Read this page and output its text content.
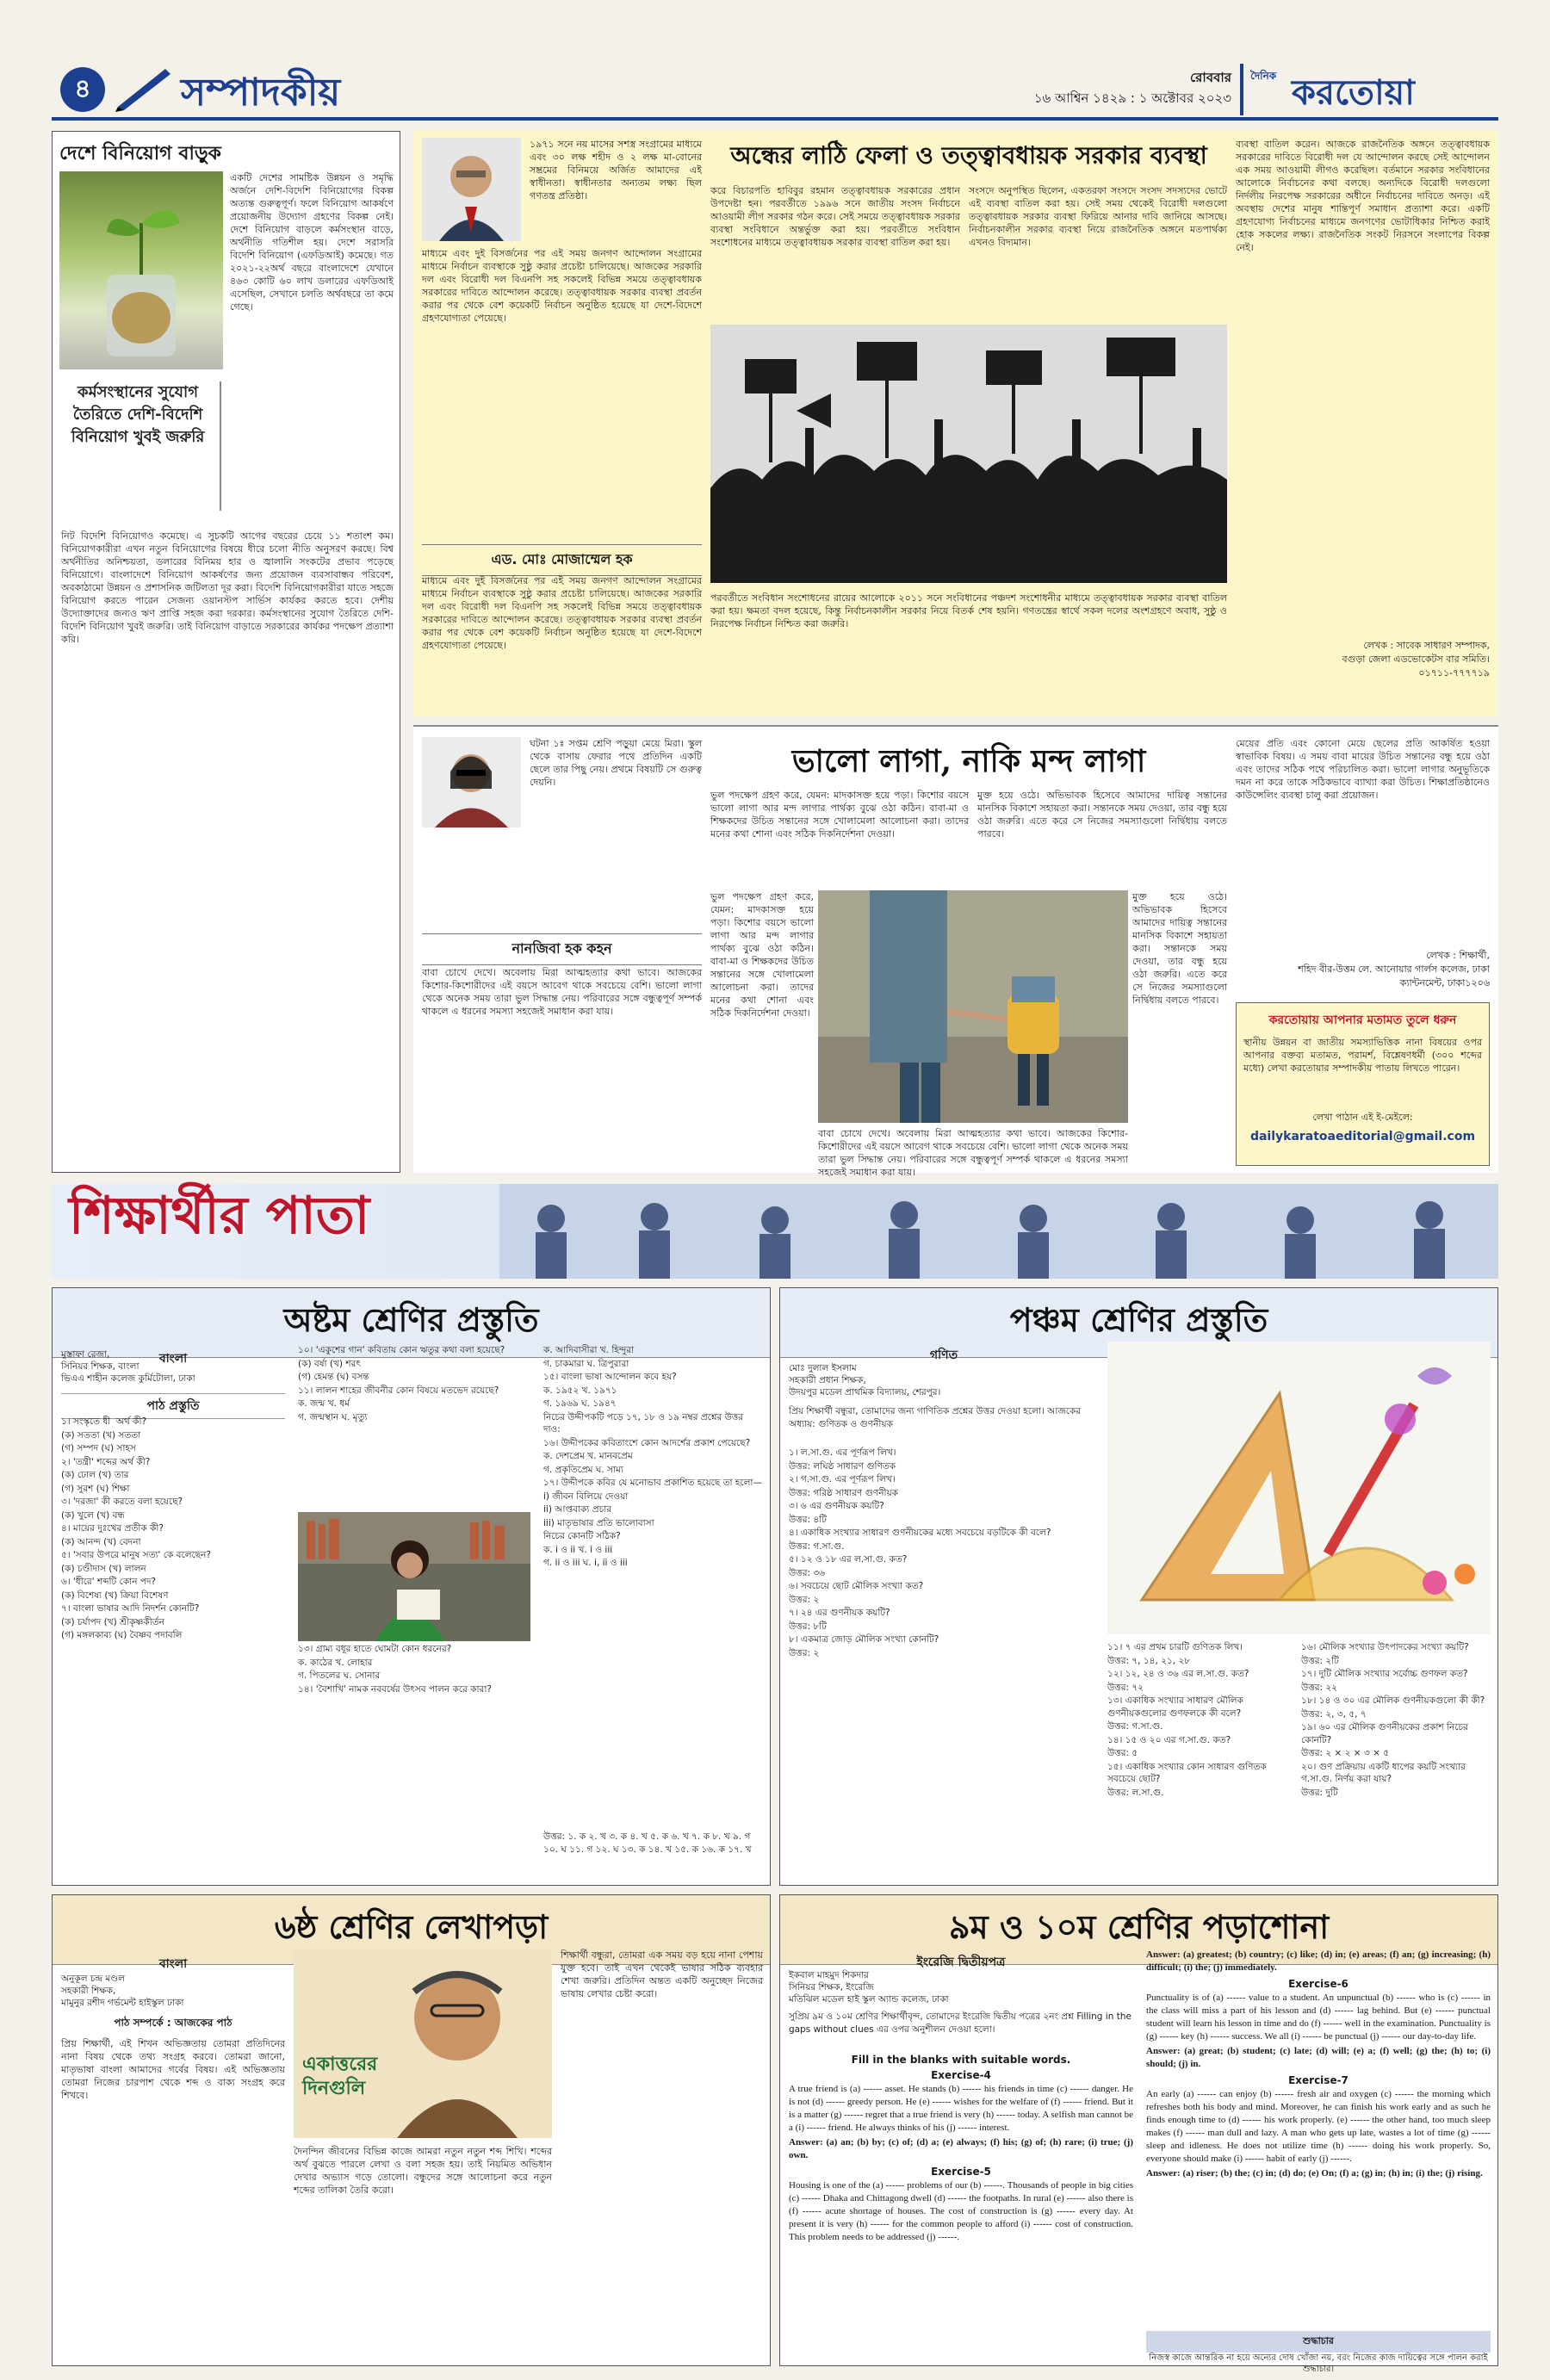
৪	সম্পাদকীয়	রোববার
১৬ আশ্বিন ১৪২৯ : ১ অক্টোবর ২০২৩
দৈনিক করতোয়া
দেশে বিনিয়োগ বাড়ুক
একটি দেশের সামষ্টিক উন্নয়ন ও সমৃদ্ধি অর্জনে দেশি-বিদেশি বিনিয়োগের বিকল্প অত্যন্ত গুরুত্বপূর্ণ। ফলে বিনিয়োগ আকর্ষণে প্রয়োজনীয় উদ্যোগ গ্রহণের বিকল্প নেই। দেশে বিনিয়োগ বাড়লে কর্মসংস্থান বাড়ে, অর্থনীতি গতিশীল হয়। দেশে সরাসরি বিদেশি বিনিয়োগ (এফডিআই) কমেছে। গত ২০২১-২২অর্থ বছরে বাংলাদেশে যেখানে ৪৬৩ কোটি ৬০ লাখ ডলারের এফডিআই এসেছিল, সেখানে চলতি অর্থবছরে তা কমে গেছে।
কর্মসংস্থানের সুযোগ তৈরিতে দেশি-বিদেশি বিনিয়োগ খুবই জরুরি
নিট বিদেশি বিনিয়োগও কমেছে। এ সুচকটি আগের বছরের চেয়ে ১১ শতাংশ কম। বিনিয়োগকারীরা এখন নতুন বিনিয়োগের বিষয়ে ধীরে চলো নীতি অনুসরণ করছে। বিশ্ব অর্থনীতির অনিশ্চয়তা, ডলারের বিনিময় হার ও জ্বালানি সংকটের প্রভাব পড়েছে বিনিয়োগে। বাংলাদেশে বিনিয়োগ আকর্ষণের জন্য প্রয়োজন ব্যবসাবান্ধব পরিবেশ, অবকাঠামো উন্নয়ন ও প্রশাসনিক জটিলতা দূর করা। বিদেশি বিনিয়োগকারীরা যাতে সহজে বিনিয়োগ করতে পারেন সেজন্য ওয়ানস্টপ সার্ভিস কার্যকর করতে হবে। দেশীয় উদ্যোক্তাদের জন্যও ঋণ প্রাপ্তি সহজ করা দরকার। কর্মসংস্থানের সুযোগ তৈরিতে দেশি-বিদেশি বিনিয়োগ খুবই জরুরি। তাই বিনিয়োগ বাড়াতে সরকারের কার্যকর পদক্ষেপ প্রত্যাশা করি।
১৯৭১ সনে নয় মাসের সশস্ত্র সংগ্রামের মাধ্যমে এবং ৩০ লক্ষ শহীদ ও ২ লক্ষ মা-বোনের সম্ভ্রমের বিনিময়ে অর্জিত আমাদের এই স্বাধীনতা। স্বাধীনতার অন্যতম লক্ষ্য ছিল গণতন্ত্র প্রতিষ্ঠা।
মাধ্যমে এবং দুই বিসর্জনের পর এই সময় জনগণ আন্দোলন সংগ্রামের মাধ্যমে নির্বাচন ব্যবস্থাকে সুষ্ঠু করার প্রচেষ্টা চালিয়েছে। আজকের সরকারি দল এবং বিরোধী দল বিএনপি সহ সকলেই বিভিন্ন সময়ে তত্ত্বাবধায়ক সরকারের দাবিতে আন্দোলন করেছে। তত্ত্বাবধায়ক সরকার ব্যবস্থা প্রবর্তন করার পর থেকে বেশ কয়েকটি নির্বাচন অনুষ্ঠিত হয়েছে যা দেশে-বিদেশে গ্রহণযোগ্যতা পেয়েছে।
এড. মোঃ মোজাম্মেল হক
মাধ্যমে এবং দুই বিসর্জনের পর এই সময় জনগণ আন্দোলন সংগ্রামের মাধ্যমে নির্বাচন ব্যবস্থাকে সুষ্ঠু করার প্রচেষ্টা চালিয়েছে। আজকের সরকারি দল এবং বিরোধী দল বিএনপি সহ সকলেই বিভিন্ন সময়ে তত্ত্বাবধায়ক সরকারের দাবিতে আন্দোলন করেছে। তত্ত্বাবধায়ক সরকার ব্যবস্থা প্রবর্তন করার পর থেকে বেশ কয়েকটি নির্বাচন অনুষ্ঠিত হয়েছে যা দেশে-বিদেশে গ্রহণযোগ্যতা পেয়েছে।
অন্ধের লাঠি ফেলা ও তত্ত্বাবধায়ক সরকার ব্যবস্থা
করে বিচারপতি হাবিবুর রহমান তত্ত্বাবধায়ক সরকারের প্রধান উপদেষ্টা হন। পরবর্তীতে ১৯৯৬ সনে জাতীয় সংসদ নির্বাচনে আওয়ামী লীগ সরকার গঠন করে। সেই সময়ে তত্ত্বাবধায়ক সরকার ব্যবস্থা সংবিধানে অন্তর্ভুক্ত করা হয়। পরবর্তীতে সংবিধান সংশোধনের মাধ্যমে তত্ত্বাবধায়ক সরকার ব্যবস্থা বাতিল করা হয়।
সংসদে অনুপস্থিত ছিলেন, একতরফা সংসদে সংসদ সদস্যদের ভোটে এই ব্যবস্থা বাতিল করা হয়। সেই সময় থেকেই বিরোধী দলগুলো তত্ত্বাবধায়ক সরকার ব্যবস্থা ফিরিয়ে আনার দাবি জানিয়ে আসছে। নির্বাচনকালীন সরকার ব্যবস্থা নিয়ে রাজনৈতিক অঙ্গনে মতপার্থক্য এখনও বিদ্যমান।
পরবর্তীতে সংবিধান সংশোধনের রায়ের আলোকে ২০১১ সনে সংবিধানের পঞ্চদশ সংশোধনীর মাধ্যমে তত্ত্বাবধায়ক সরকার ব্যবস্থা বাতিল করা হয়। ক্ষমতা বদল হয়েছে, কিন্তু নির্বাচনকালীন সরকার নিয়ে বিতর্ক শেষ হয়নি। গণতন্ত্রের স্বার্থে সকল দলের অংশগ্রহণে অবাধ, সুষ্ঠু ও নিরপেক্ষ নির্বাচন নিশ্চিত করা জরুরি।
ব্যবস্থা বাতিল করেন। আজকে রাজনৈতিক অঙ্গনে তত্ত্বাবধায়ক সরকারের দাবিতে বিরোধী দল যে আন্দোলন করছে সেই আন্দোলন এক সময় আওয়ামী লীগও করেছিল। বর্তমানে সরকার সংবিধানের আলোকে নির্বাচনের কথা বলছে। অন্যদিকে বিরোধী দলগুলো নির্দলীয় নিরপেক্ষ সরকারের অধীনে নির্বাচনের দাবিতে অনড়। এই অবস্থায় দেশের মানুষ শান্তিপূর্ণ সমাধান প্রত্যাশা করে। একটি গ্রহণযোগ্য নির্বাচনের মাধ্যমে জনগণের ভোটাধিকার নিশ্চিত করাই হোক সকলের লক্ষ্য। রাজনৈতিক সংকট নিরসনে সংলাপের বিকল্প নেই।
লেখক : সাবেক সাধারণ সম্পাদক,
বগুড়া জেলা এডভোকেটস বার সমিতি।
০১৭১১-৭৭৭৭১৯
ঘটনা ১ঃ সপ্তম শ্রেণি পড়ুয়া মেয়ে মিরা। স্কুল থেকে বাসায় ফেরার পথে প্রতিদিন একটি ছেলে তার পিছু নেয়। প্রথমে বিষয়টি সে গুরুত্ব দেয়নি।
নানজিবা হক কহন
বাবা চোখে দেখে। অবেলায় মিরা আত্মহত্যার কথা ভাবে। আজকের কিশোর-কিশোরীদের এই বয়সে আবেগ থাকে সবচেয়ে বেশি। ভালো লাগা থেকে অনেক সময় তারা ভুল সিদ্ধান্ত নেয়। পরিবারের সঙ্গে বন্ধুত্বপূর্ণ সম্পর্ক থাকলে এ ধরনের সমস্যা সহজেই সমাধান করা যায়।
ভালো লাগা, নাকি মন্দ লাগা
ভুল পদক্ষেপ গ্রহণ করে, যেমন: মাদকাসক্ত হয়ে পড়া। কিশোর বয়সে ভালো লাগা আর মন্দ লাগার পার্থক্য বুঝে ওঠা কঠিন। বাবা-মা ও শিক্ষকদের উচিত সন্তানের সঙ্গে খোলামেলা আলোচনা করা। তাদের মনের কথা শোনা এবং সঠিক দিকনির্দেশনা দেওয়া।
মুক্ত হয়ে ওঠে। অভিভাবক হিসেবে আমাদের দায়িত্ব সন্তানের মানসিক বিকাশে সহায়তা করা। সন্তানকে সময় দেওয়া, তার বন্ধু হয়ে ওঠা জরুরি। এতে করে সে নিজের সমস্যাগুলো নির্দ্বিধায় বলতে পারবে।
ভুল পদক্ষেপ গ্রহণ করে, যেমন: মাদকাসক্ত হয়ে পড়া। কিশোর বয়সে ভালো লাগা আর মন্দ লাগার পার্থক্য বুঝে ওঠা কঠিন। বাবা-মা ও শিক্ষকদের উচিত সন্তানের সঙ্গে খোলামেলা আলোচনা করা। তাদের মনের কথা শোনা এবং সঠিক দিকনির্দেশনা দেওয়া।
মুক্ত হয়ে ওঠে। অভিভাবক হিসেবে আমাদের দায়িত্ব সন্তানের মানসিক বিকাশে সহায়তা করা। সন্তানকে সময় দেওয়া, তার বন্ধু হয়ে ওঠা জরুরি। এতে করে সে নিজের সমস্যাগুলো নির্দ্বিধায় বলতে পারবে।
বাবা চোখে দেখে। অবেলায় মিরা আত্মহত্যার কথা ভাবে। আজকের কিশোর-কিশোরীদের এই বয়সে আবেগ থাকে সবচেয়ে বেশি। ভালো লাগা থেকে অনেক সময় তারা ভুল সিদ্ধান্ত নেয়। পরিবারের সঙ্গে বন্ধুত্বপূর্ণ সম্পর্ক থাকলে এ ধরনের সমস্যা সহজেই সমাধান করা যায়।
মেয়ের প্রতি এবং কোনো মেয়ে ছেলের প্রতি আকর্ষিত হওয়া স্বাভাবিক বিষয়। এ সময় বাবা মায়ের উচিত সন্তানের বন্ধু হয়ে ওঠা এবং তাদের সঠিক পথে পরিচালিত করা। ভালো লাগার অনুভূতিকে দমন না করে তাকে সঠিকভাবে ব্যাখ্যা করা উচিত। শিক্ষাপ্রতিষ্ঠানেও কাউন্সেলিং ব্যবস্থা চালু করা প্রয়োজন।
লেখক : শিক্ষার্থী,
শহিদ বীর-উত্তম লে. আনোয়ার গার্লস কলেজ, ঢাকা
ক্যান্টনমেন্ট, ঢাকা১২০৬
করতোয়ায় আপনার মতামত তুলে ধরুন
স্থানীয় উন্নয়ন বা জাতীয় সমস্যাভিত্তিক নানা বিষয়ের ওপর আপনার বক্তব্য মতামত, পরামর্শ, বিশ্লেষণধর্মী (৩০০ শব্দের মধ্যে) লেখা করতোয়ার সম্পাদকীয় পাতায় লিখতে পারেন।
লেখা পাঠান এই ই-মেইলে:
dailykaratoaeditorial@gmail.com
শিক্ষার্থীর পাতা
অষ্টম শ্রেণির প্রস্তুতি
মুস্তাফা রেজা,
সিনিয়র শিক্ষক, বাংলা
ভিএএ শাহীন কলেজ কুর্মিটোলা, ঢাকা
বাংলা
পাঠ প্রস্তুতি
১। সংস্কৃতে ধী ‍ ‍অর্থ কী?
(ক) সততা (খ) সততা
(গ) সম্পদ (ঘ) সাহস
২। 'তন্ত্রী' শব্দের অর্থ কী?
(ক) ঢোল (খ) তার
(গ) সুরশ (ঘ) শিক্ষা
৩। 'দরজা' কী করতে বলা হয়েছে?
(ক) খুলে (খ) বন্ধ
৪। মায়ের দুঃখের প্রতীক কী?
(ক) আনন্দ (খ) বেদনা
৫। 'সবার উপরে মানুষ সত্য' কে বলেছেন?
(ক) চণ্ডীদাস (খ) লালন
৬। 'ধীরে' শব্দটি কোন পদ?
(ক) বিশেষ্য (খ) ক্রিয়া বিশেষণ
৭। বাংলা ভাষার আদি নিদর্শন কোনটি?
(ক) চর্যাপদ (খ) শ্রীকৃষ্ণকীর্তন
(গ) মঙ্গলকাব্য (ঘ) বৈষ্ণব পদাবলি
১০। 'একুশের গান' কবিতায় কোন ঋতুর কথা বলা হয়েছে?
(ক) বর্ষা (খ) শরৎ
(গ) হেমন্ত (ঘ) বসন্ত
১১। লালন শাহের জীবনীর কোন বিষয়ে মতভেদ রয়েছে?
ক. জন্ম খ. ধর্ম
গ. জন্মস্থান ঘ. মৃত্যু
১৩। গ্রাম্য বধূর হাতে ঘোমটা কোন ধরনের?
ক. কাঠের খ. লোহার
গ. পিতলের ঘ. সোনার
১৪। 'বৈশাখি' নামক নববর্ষের উৎসব পালন করে কারা?
ক. আদিবাসীরা খ. হিন্দুরা
গ. চাকমারা ঘ. ত্রিপুরারা
১৫। বাংলা ভাষা আন্দোলন কবে হয়?
ক. ১৯৫২ খ. ১৯৭১
গ. ১৯৬৯ ঘ. ১৯৪৭
নিচের উদ্দীপকটি পড়ে ১৭, ১৮ ও ১৯ নম্বর প্রশ্নের উত্তর দাও:
১৬। উদ্দীপকের কবিতাংশে কোন আদর্শের প্রকাশ পেয়েছে?
ক. দেশপ্রেম খ. মানবপ্রেম
গ. প্রকৃতিপ্রেম ঘ. সাম্য
১৭। উদ্দীপকে কবির যে মনোভাব প্রকাশিত হয়েছে তা হলো—
i) জীবন বিলিয়ে দেওয়া
ii) আপ্তবাক্য প্রচার
iii) মাতৃভাষার প্রতি ভালোবাসা
নিচের কোনটি সঠিক?
ক. i ও ii খ. i ও iii
গ. ii ও iii ঘ. i, ii ও iii
উত্তর: ১. ক ২. খ ৩. ক ৪. খ ৫. ক ৬. খ ৭. ক ৮. খ ৯. গ ১০. ঘ ১১. গ ১২. ঘ ১৩. ক ১৪. খ ১৫. ক ১৬. ক ১৭. খ
পঞ্চম শ্রেণির প্রস্তুতি
গণিত
মোঃ দুলাল ইসলাম
সহকারী প্রধান শিক্ষক,
উদয়পুর মডেল প্রাথমিক বিদ্যালয়, শেরপুর।
প্রিয় শিক্ষার্থী বন্ধুরা, তোমাদের জন্য গাণিতিক প্রশ্নের উত্তর দেওয়া হলো। আজকের অধ্যায়: গুণিতক ও গুণনীয়ক
১। ল.সা.গু. এর পূর্ণরূপ লিখ।
উত্তর: লঘিষ্ঠ সাধারণ গুণিতক
২। গ.সা.গু. এর পূর্ণরূপ লিখ।
উত্তর: গরিষ্ঠ সাধারণ গুণনীয়ক
৩। ৬ এর গুণনীয়ক কয়টি?
উত্তর: ৪টি
৪। একাধিক সংখ্যার সাধারণ গুণনীয়কের মধ্যে সবচেয়ে বড়টিকে কী বলে?
উত্তর: গ.সা.গু.
৫। ১২ ও ১৮ এর ল.সা.গু. কত?
উত্তর: ৩৬
৬। সবচেয়ে ছোট মৌলিক সংখ্যা কত?
উত্তর: ২
৭। ২৪ এর গুণনীয়ক কয়টি?
উত্তর: ৮টি
৮। একমাত্র জোড় মৌলিক সংখ্যা কোনটি?
উত্তর: ২
১১। ৭ এর প্রথম চারটি গুণিতক লিখ।
উত্তর: ৭, ১৪, ২১, ২৮
১২। ১২, ২৪ ও ৩৬ এর ল.সা.গু. কত?
উত্তর: ৭২
১৩। একাধিক সংখ্যার সাধারণ মৌলিক গুণনীয়কগুলোর গুণফলকে কী বলে?
উত্তর: গ.সা.গু.
১৪। ১৫ ও ২০ এর গ.সা.গু. কত?
উত্তর: ৫
১৫। একাধিক সংখ্যার কোন সাধারণ গুণিতক সবচেয়ে ছোট?
উত্তর: ল.সা.গু.
১৬। মৌলিক সংখ্যার উৎপাদকের সংখ্যা কয়টি?
উত্তর: ২টি
১৭। দুটি মৌলিক সংখ্যার সর্বোচ্চ গুণফল কত?
উত্তর: ২২
১৮। ১৪ ও ৩০ এর মৌলিক গুণনীয়কগুলো কী কী?
উত্তর: ২, ৩, ৫, ৭
১৯। ৬০ এর মৌলিক গুণনীয়কের প্রকাশ নিচের কোনটি?
উত্তর: ২ × ২ × ৩ × ৫
২০। গুণ প্রক্রিয়ায় একটি ধাপের কয়টি সংখ্যার গ.সা.গু. নির্ণয় করা যায়?
উত্তর: দুটি
৬ষ্ঠ শ্রেণির লেখাপড়া
বাংলা
অনুকূল চন্দ্র মণ্ডল
সহকারী শিক্ষক,
মামুনুর রশীদ গর্ভমেন্ট হাইস্কুল ঢাকা
পাঠ সম্পর্কে : আজকের পাঠ
প্রিয় শিক্ষার্থী, এই শিখন অভিজ্ঞতায় তোমরা প্রতিদিনের নানা বিষয় থেকে তথ্য সংগ্রহ করবে। তোমরা জানো, মাতৃভাষা বাংলা আমাদের গর্বের বিষয়। এই অভিজ্ঞতায় তোমরা নিজের চারপাশ থেকে শব্দ ও বাক্য সংগ্রহ করে শিখবে।
একাত্তরের দিনগুলি
দৈনন্দিন জীবনের বিভিন্ন কাজে আমরা নতুন নতুন শব্দ শিখি। শব্দের অর্থ বুঝতে পারলে লেখা ও বলা সহজ হয়। তাই নিয়মিত অভিধান দেখার অভ্যাস গড়ে তোলো। বন্ধুদের সঙ্গে আলোচনা করে নতুন শব্দের তালিকা তৈরি করো।
শিক্ষার্থী বন্ধুরা, তোমরা এক সময় বড় হয়ে নানা পেশায় যুক্ত হবে। তাই এখন থেকেই ভাষার সঠিক ব্যবহার শেখা জরুরি। প্রতিদিন অন্তত একটি অনুচ্ছেদ নিজের ভাষায় লেখার চেষ্টা করো।
৯ম ও ১০ম শ্রেণির পড়াশোনা
ইংরেজি দ্বিতীয়পত্র
ইকবাল মাহমুদ শিকদার
সিনিয়র শিক্ষক, ইংরেজি
মতিঝিল মডেল হাই স্কুল অ্যান্ড কলেজ, ঢাকা
সুপ্রিয় ৯ম ও ১০ম শ্রেণির শিক্ষার্থীবৃন্দ, তোমাদের ইংরেজি দ্বিতীয় পত্রের ২নং প্রশ্ন Filling in the gaps without clues এর ওপর অনুশীলন দেওয়া হলো।
Fill in the blanks with suitable words.
Exercise-4
A true friend is (a) ------ asset. He stands (b) ------ his friends in time (c) ------ danger. He is not (d) ------ greedy person. He (e) ------ wishes for the welfare of (f) ------ friend. But it is a matter (g) ------ regret that a true friend is very (h) ------ today. A selfish man cannot be a (i) ------ friend. He always thinks of his (j) ------ interest.
Answer: (a) an; (b) by; (c) of; (d) a; (e) always; (f) his; (g) of; (h) rare; (i) true; (j) own.
Exercise-5
Housing is one of the (a) ------ problems of our (b) ------. Thousands of people in big cities (c) ------ Dhaka and Chittagong dwell (d) ------ the footpaths. In rural (e) ------ also there is (f) ------ acute shortage of houses. The cost of construction is (g) ------ every day. At present it is very (h) ------ for the common people to afford (i) ------ cost of construction. This problem needs to be addressed (j) ------.
Answer: (a) greatest; (b) country; (c) like; (d) in; (e) areas; (f) an; (g) increasing; (h) difficult; (i) the; (j) immediately.
Exercise-6
Punctuality is of (a) ------ value to a student. An unpunctual (b) ------ who is (c) ------ in the class will miss a part of his lesson and (d) ------ lag behind. But (e) ------ punctual student will learn his lesson in time and do (f) ------ well in the examination. Punctuality is (g) ------ key (h) ------ success. We all (i) ------ be punctual (j) ------ our day-to-day life.
Answer: (a) great; (b) student; (c) late; (d) will; (e) a; (f) well; (g) the; (h) to; (i) should; (j) in.
Exercise-7
An early (a) ------ can enjoy (b) ------ fresh air and oxygen (c) ------ the morning which refreshes both his body and mind. Moreover, he can finish his work early and as such he finds enough time to (d) ------ his work properly. (e) ------ the other hand, too much sleep makes (f) ------ man dull and lazy. A man who gets up late, wastes a lot of time (g) ------ sleep and idleness. He does not utilize time (h) ------ doing his work properly. So, everyone should make (i) ------ habit of early (j) ------.
Answer: (a) riser; (b) the; (c) in; (d) do; (e) On; (f) a; (g) in; (h) in; (i) the; (j) rising.
শুদ্ধাচার
নিজস্ব কাজে আন্তরিক না হয়ে অন্যের দোষ খোঁজা নয়, বরং নিজের কাজ দায়িত্বের সঙ্গে পালন করাই শুদ্ধাচার।
